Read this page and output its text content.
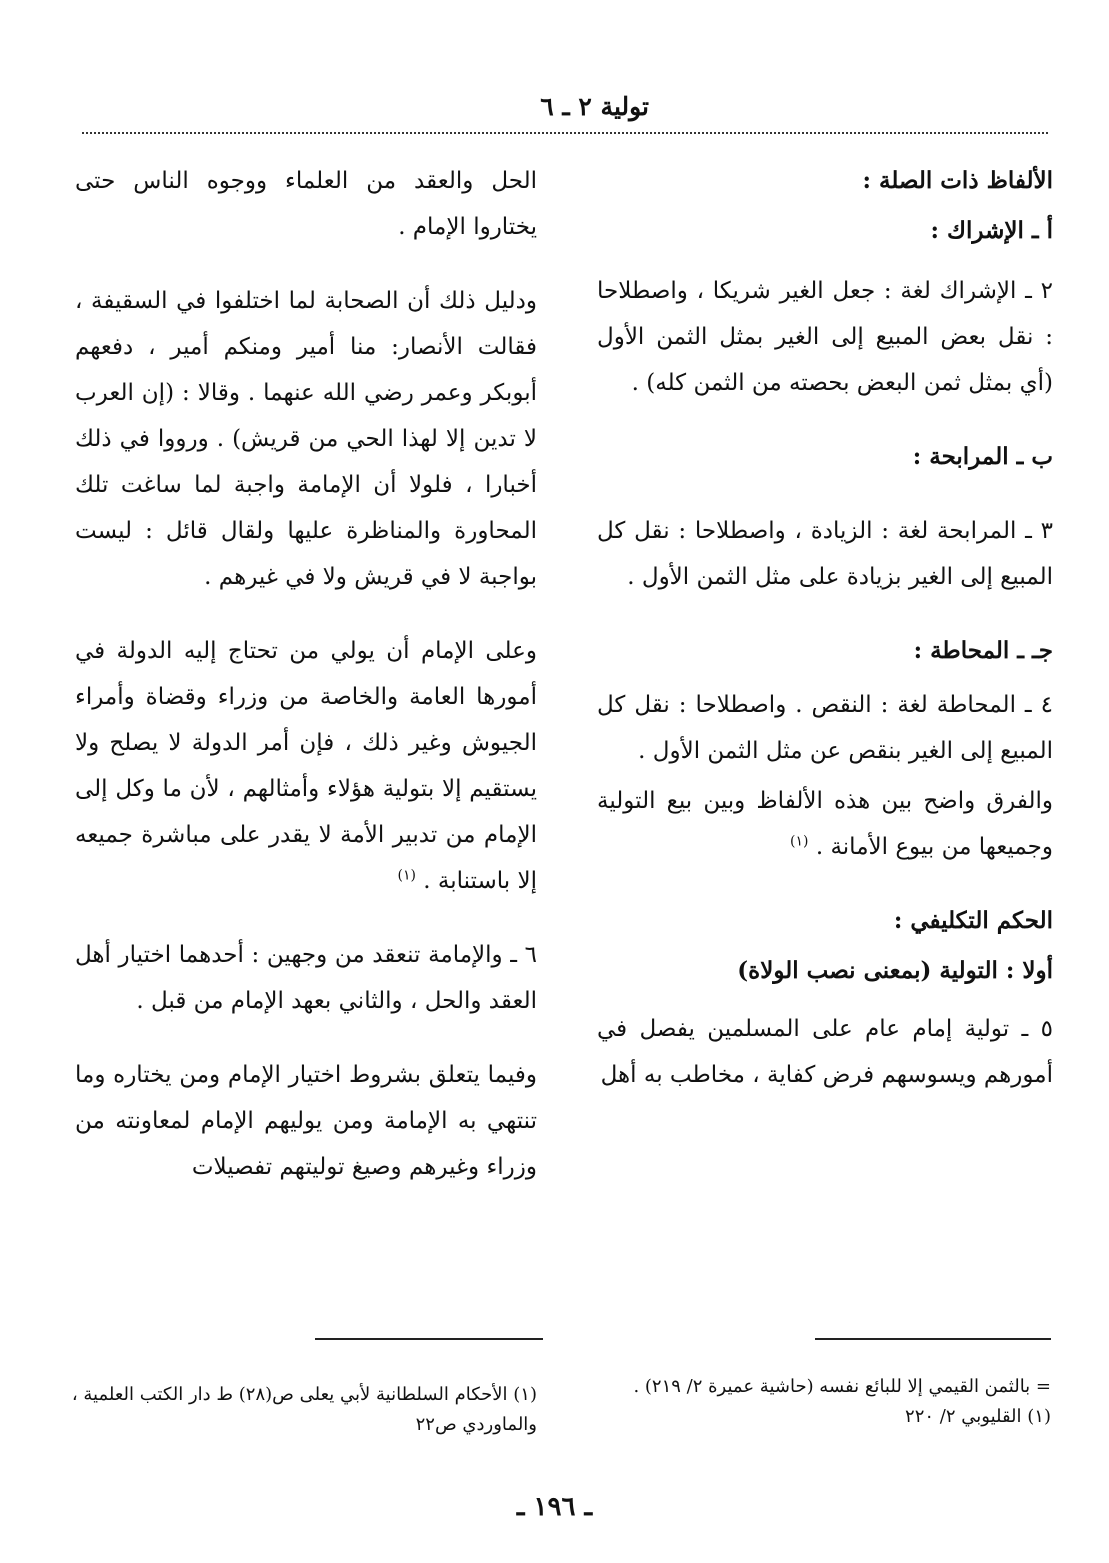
تولية ٢ ـ ٦
الألفاظ ذات الصلة :
أ ـ الإشراك :

٢ ـ الإشراك لغة : جعل الغير شريكا ، واصطلاحا : نقل بعض المبيع إلى الغير بمثل الثمن الأول (أي بمثل ثمن البعض بحصته من الثمن كله) .

ب ـ المرابحة :

٣ ـ المرابحة لغة : الزيادة ، واصطلاحا : نقل كل المبيع إلى الغير بزيادة على مثل الثمن الأول .

جـ ـ المحاطة :

٤ ـ المحاطة لغة : النقص . واصطلاحا : نقل كل المبيع إلى الغير بنقص عن مثل الثمن الأول .

والفرق واضح بين هذه الألفاظ وبين بيع التولية وجميعها من بيوع الأمانة . $^{(١)}$

الحكم التكليفي :
أولا : التولية (بمعنى نصب الولاة)

٥ ـ تولية إمام عام على المسلمين يفصل في أمورهم ويسوسهم فرض كفاية ، مخاطب به أهل

الحل والعقد من العلماء ووجوه الناس حتى يختاروا الإمام .

ودليل ذلك أن الصحابة لما اختلفوا في السقيفة ، فقالت الأنصار: منا أمير ومنكم أمير ، دفعهم أبوبكر وعمر رضي الله عنهما . وقالا : (إن العرب لا تدين إلا لهذا الحي من قريش) . ورووا في ذلك أخبارا ، فلولا أن الإمامة واجبة لما ساغت تلك المحاورة والمناظرة عليها ولقال قائل : ليست بواجبة لا في قريش ولا في غيرهم .

وعلى الإمام أن يولي من تحتاج إليه الدولة في أمورها العامة والخاصة من وزراء وقضاة وأمراء الجيوش وغير ذلك ، فإن أمر الدولة لا يصلح ولا يستقيم إلا بتولية هؤلاء وأمثالهم ، لأن ما وكل إلى الإمام من تدبير الأمة لا يقدر على مباشرة جميعه إلا باستنابة . $^{(١)}$

٦ ـ والإمامة تنعقد من وجهين : أحدهما اختيار أهل العقد والحل ، والثاني بعهد الإمام من قبل .

وفيما يتعلق بشروط اختيار الإمام ومن يختاره وما تنتهي به الإمامة ومن يوليهم الإمام لمعاونته من وزراء وغيرهم وصيغ توليتهم تفصيلات

= بالثمن القيمي إلا للبائع نفسه (حاشية عميرة ٢/ ٢١٩) .

(١) القليوبي ٢/ ٢٢٠

(١) الأحكام السلطانية لأبي يعلى ص(٢٨) ط دار الكتب العلمية ، والماوردي ص٢٢

ـ ١٩٦ ـ
